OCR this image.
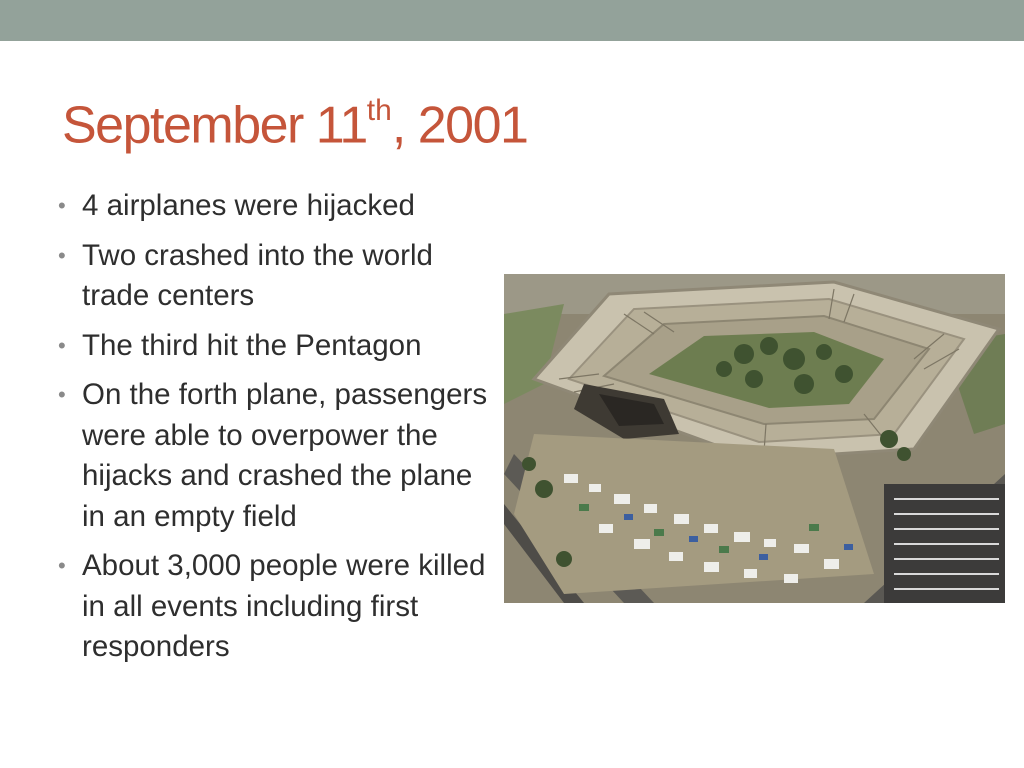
September 11th, 2001
• 4 airplanes were hijacked
• Two crashed into the world trade centers
• The third hit the Pentagon
• On the forth plane, passengers were able to overpower the hijacks and crashed the plane in an empty field
• About 3,000 people were killed in all events including first responders
